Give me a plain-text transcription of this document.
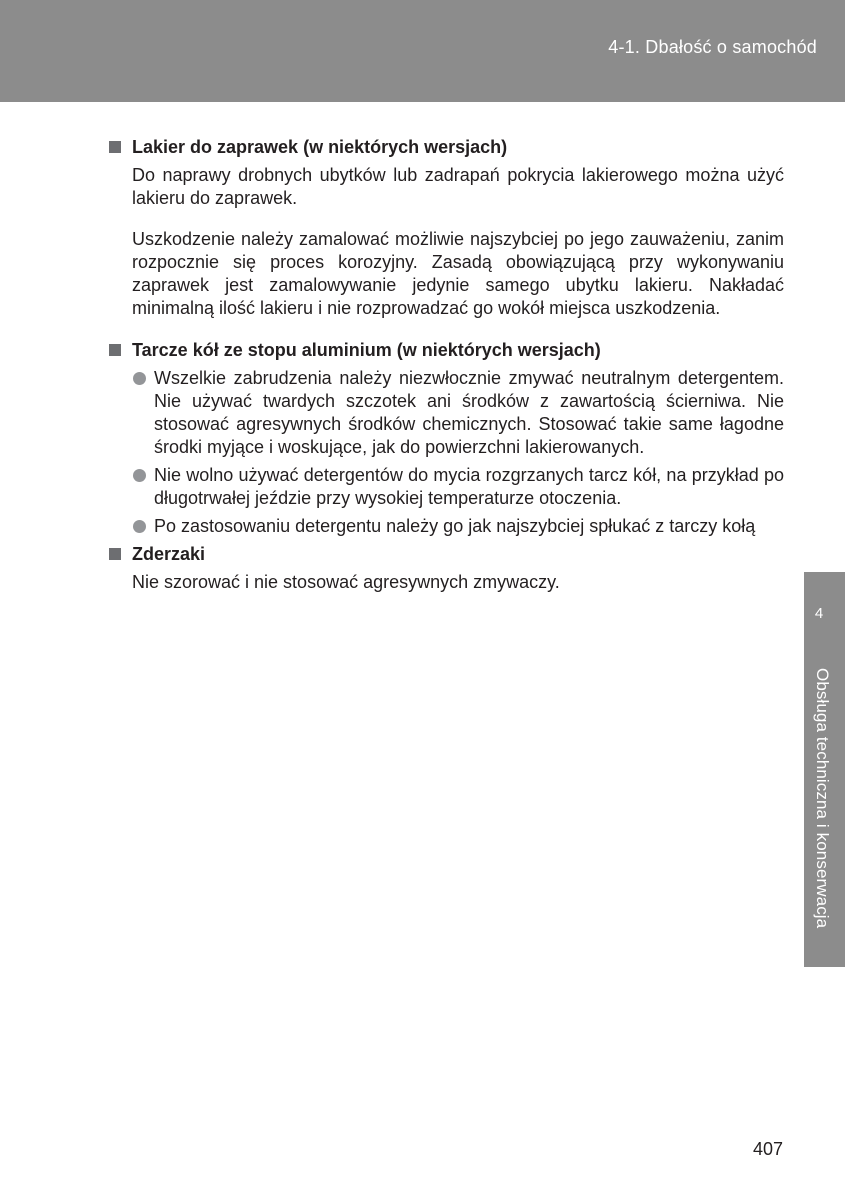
4-1. Dbałość o samochód
Lakier do zaprawek (w niektórych wersjach)

Do naprawy drobnych ubytków lub zadrapań pokrycia lakierowego można użyć lakieru do zaprawek.

Uszkodzenie należy zamalować możliwie najszybciej po jego zauważeniu, zanim rozpocznie się proces korozyjny. Zasadą obowiązującą przy wykonywaniu zaprawek jest zamalowywanie jedynie samego ubytku lakieru. Nakładać minimalną ilość lakieru i nie rozprowadzać go wokół miejsca uszkodzenia.

Tarcze kół ze stopu aluminium (w niektórych wersjach)
Wszelkie zabrudzenia należy niezwłocznie zmywać neutralnym detergentem. Nie używać twardych szczotek ani środków z zawartością ścierniwa. Nie stosować agresywnych środków chemicznych. Stosować takie same łagodne środki myjące i woskujące, jak do powierzchni lakierowanych.
Nie wolno używać detergentów do mycia rozgrzanych tarcz kół, na przykład po długotrwałej jeździe przy wysokiej temperaturze otoczenia.
Po zastosowaniu detergentu należy go jak najszybciej spłukać z tarczy kołą
Zderzaki

Nie szorować i nie stosować agresywnych zmywaczy.

4
Obsługa techniczna i konserwacja
407
